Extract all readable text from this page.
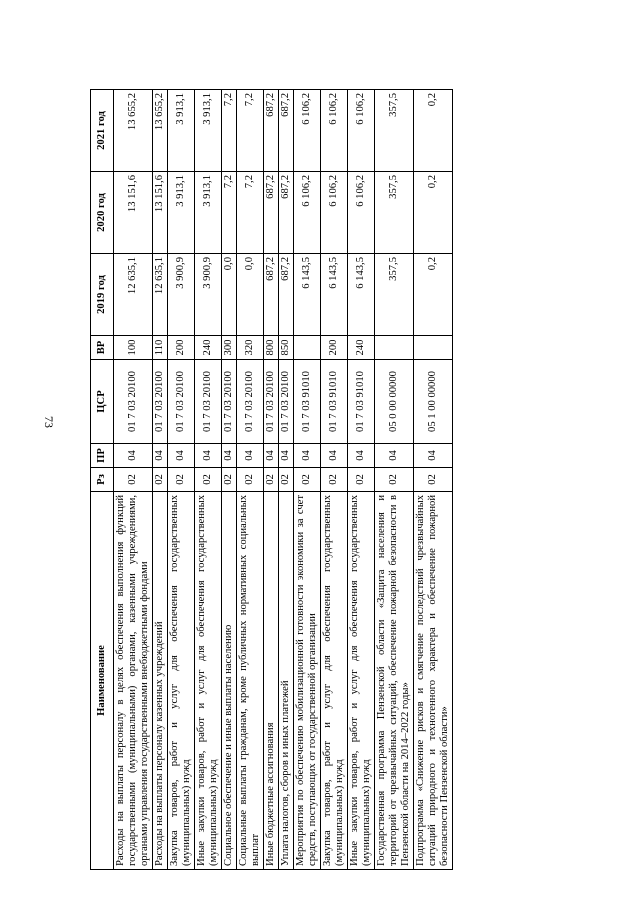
73
Наименование	Рз	ПР	ЦСР	ВР	2019 год	2020 год	2021 год
Расходы на выплаты персоналу в целях обеспечения выполнения функций государственными (муниципальными) органами, казенными учреждениями, органами управления государственными внебюджетными фондами	02	04	01 7 03 20100	100	12 635,1	13 151,6	13 655,2
Расходы на выплаты персоналу казенных учреждений	02	04	01 7 03 20100	110	12 635,1	13 151,6	13 655,2
Закупка товаров, работ и услуг для обеспечения государственных (муниципальных) нужд	02	04	01 7 03 20100	200	3 900,9	3 913,1	3 913,1
Иные закупки товаров, работ и услуг для обеспечения государственных (муниципальных) нужд	02	04	01 7 03 20100	240	3 900,9	3 913,1	3 913,1
Социальное обеспечение и иные выплаты населению	02	04	01 7 03 20100	300	0,0	7,2	7,2
Социальные выплаты гражданам, кроме публичных нормативных социальных выплат	02	04	01 7 03 20100	320	0,0	7,2	7,2
Иные бюджетные ассигнования	02	04	01 7 03 20100	800	687,2	687,2	687,2
Уплата налогов, сборов и иных платежей	02	04	01 7 03 20100	850	687,2	687,2	687,2
Мероприятия по обеспечению мобилизационной готовности экономики за счет средств, поступающих от государственной организации	02	04	01 7 03 91010		6 143,5	6 106,2	6 106,2
Закупка товаров, работ и услуг для обеспечения государственных (муниципальных) нужд	02	04	01 7 03 91010	200	6 143,5	6 106,2	6 106,2
Иные закупки товаров, работ и услуг для обеспечения государственных (муниципальных) нужд	02	04	01 7 03 91010	240	6 143,5	6 106,2	6 106,2
Государственная программа Пензенской области «Защита населения и территорий от чрезвычайных ситуаций, обеспечение пожарной безопасности в Пензенской области на 2014–2022 годы»	02	04	05 0 00 00000		357,5	357,5	357,5
Подпрограмма «Снижение рисков и смягчение последствий чрезвычайных ситуаций природного и техногенного характера и обеспечение пожарной безопасности Пензенской области»	02	04	05 1 00 00000		0,2	0,2	0,2
